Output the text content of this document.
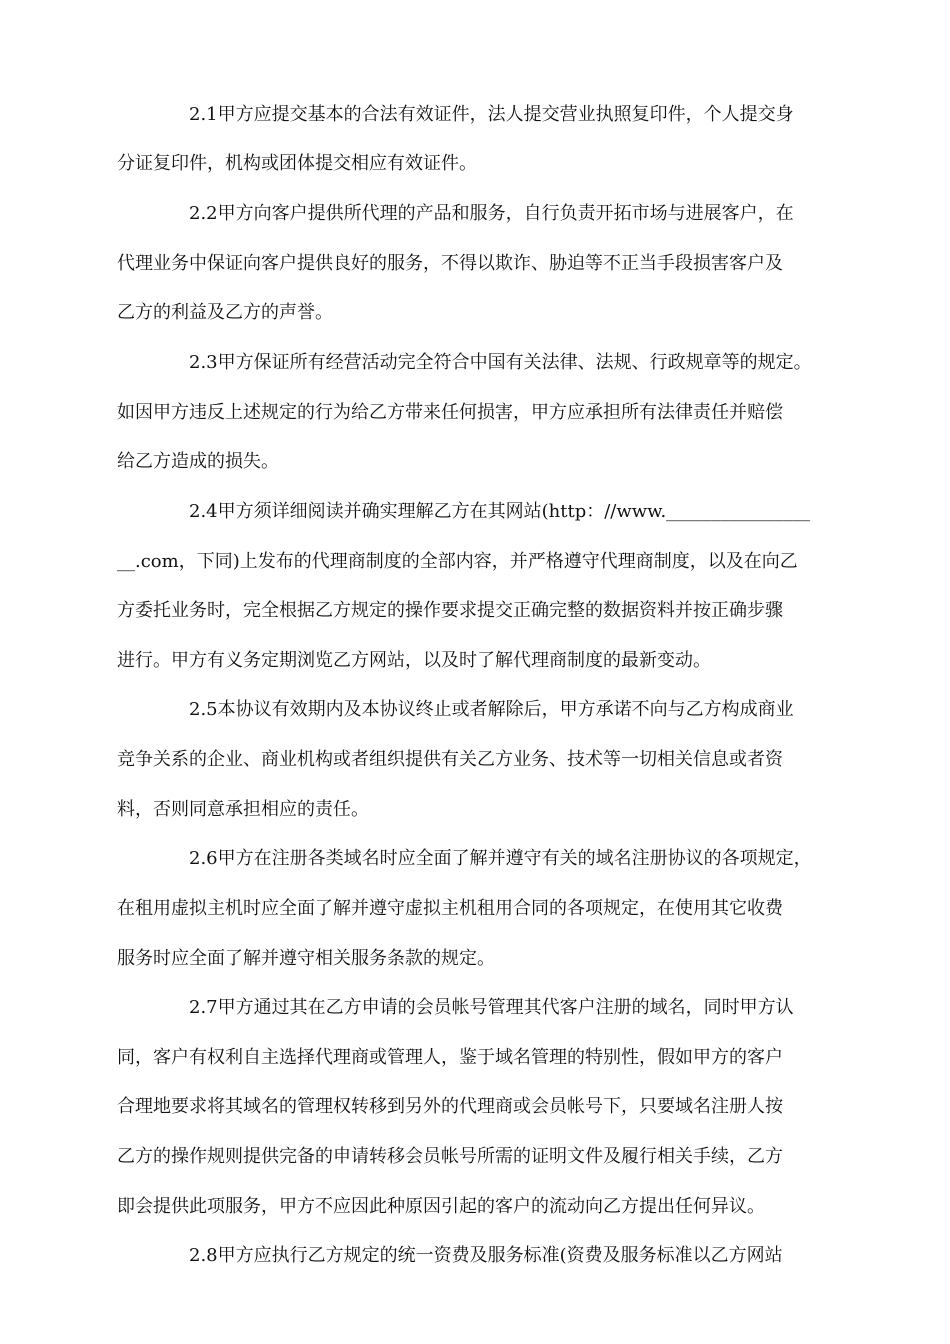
2.1甲方应提交基本的合法有效证件，法人提交营业执照复印件，个人提交身
分证复印件，机构或团体提交相应有效证件。
2.2甲方向客户提供所代理的产品和服务，自行负责开拓市场与进展客户，在
代理业务中保证向客户提供良好的服务，不得以欺诈、胁迫等不正当手段损害客户及
乙方的利益及乙方的声誉。
2.3甲方保证所有经营活动完全符合中国有关法律、法规、行政规章等的规定。
如因甲方违反上述规定的行为给乙方带来任何损害，甲方应承担所有法律责任并赔偿
给乙方造成的损失。
2.4甲方须详细阅读并确实理解乙方在其网站(http：//www.________________
__.com，下同)上发布的代理商制度的全部内容，并严格遵守代理商制度，以及在向乙
方委托业务时，完全根据乙方规定的操作要求提交正确完整的数据资料并按正确步骤
进行。甲方有义务定期浏览乙方网站，以及时了解代理商制度的最新变动。
2.5本协议有效期内及本协议终止或者解除后，甲方承诺不向与乙方构成商业
竞争关系的企业、商业机构或者组织提供有关乙方业务、技术等一切相关信息或者资
料，否则同意承担相应的责任。
2.6甲方在注册各类域名时应全面了解并遵守有关的域名注册协议的各项规定，
在租用虚拟主机时应全面了解并遵守虚拟主机租用合同的各项规定，在使用其它收费
服务时应全面了解并遵守相关服务条款的规定。
2.7甲方通过其在乙方申请的会员帐号管理其代客户注册的域名，同时甲方认
同，客户有权利自主选择代理商或管理人，鉴于域名管理的特别性，假如甲方的客户
合理地要求将其域名的管理权转移到另外的代理商或会员帐号下，只要域名注册人按
乙方的操作规则提供完备的申请转移会员帐号所需的证明文件及履行相关手续，乙方
即会提供此项服务，甲方不应因此种原因引起的客户的流动向乙方提出任何异议。
2.8甲方应执行乙方规定的统一资费及服务标准(资费及服务标准以乙方网站
